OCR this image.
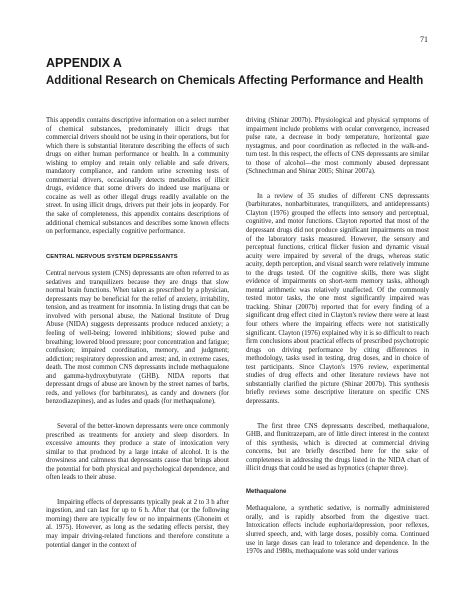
71
APPENDIX A
Additional Research on Chemicals Affecting Performance and Health

This appendix contains descriptive information on a select number of chemical substances, predominately illicit drugs that commercial drivers should not be using in their operations, but for which there is substantial literature describing the effects of such drugs on either human performance or health. In a community wishing to employ and retain only reliable and safe drivers, mandatory compliance, and random urine screening tests of commercial drivers, occasionally detects metabolites of illicit drugs, evidence that some drivers do indeed use marijuana or cocaine as well as other illegal drugs readily available on the street. In using illicit drugs, drivers put their jobs in jeopardy. For the sake of completeness, this appendix contains descriptions of additional chemical substances and describes some known effects on performance, especially cognitive performance.

CENTRAL NERVOUS SYSTEM DEPRESSANTS

Central nervous system (CNS) depressants are often referred to as sedatives and tranquilizers because they are drugs that slow normal brain functions. When taken as prescribed by a physician, depressants may be beneficial for the relief of anxiety, irritability, tension, and as treatment for insomnia. In listing drugs that can be involved with personal abuse, the National Institute of Drug Abuse (NIDA) suggests depressants produce reduced anxiety; a feeling of well-being; lowered inhibitions; slowed pulse and breathing; lowered blood pressure; poor concentration and fatigue; confusion; impaired coordination, memory, and judgment; addiction; respiratory depression and arrest; and, in extreme cases, death. The most common CNS depressants include methaqualone and gamma-hydroxybutyrate (GHB). NIDA reports that depressant drugs of abuse are known by the street names of barbs, reds, and yellows (for barbiturates), as candy and downers (for benzodiazepines), and as ludes and quads (for methaqualone).

Several of the better-known depressants were once commonly prescribed as treatments for anxiety and sleep disorders. In excessive amounts they produce a state of intoxication very similar to that produced by a large intake of alcohol. It is the drowsiness and calmness that depressants cause that brings about the potential for both physical and psychological dependence, and often leads to their abuse.

Impairing effects of depressants typically peak at 2 to 3 h after ingestion, and can last for up to 6 h. After that (or the following morning) there are typically few or no impairments (Ghoneim et al. 1975). However, as long as the sedating effects persist, they may impair driving-related functions and therefore constitute a potential danger in the context of

driving (Shinar 2007b). Physiological and physical symptoms of impairment include problems with ocular convergence, increased pulse rate, a decrease in body temperature, horizontal gaze nystagmus, and poor coordination as reflected in the walk-and-turn test. In this respect, the effects of CNS depressants are similar to those of alcohol—the most commonly abused depressant (Schnechtman and Shinar 2005; Shinar 2007a).

In a review of 35 studies of different CNS depressants (barbiturates, nonbarbiturates, tranquilizers, and antidepressants) Clayton (1976) grouped the effects into sensory and perceptual, cognitive, and motor functions. Clayton reported that most of the depressant drugs did not produce significant impairments on most of the laboratory tasks measured. However, the sensory and perceptual functions, critical flicker fusion and dynamic visual acuity were impaired by several of the drugs, whereas static acuity, depth perception, and visual search were relatively immune to the drugs tested. Of the cognitive skills, there was slight evidence of impairments on short-term memory tasks, although mental arithmetic was relatively unaffected. Of the commonly tested motor tasks, the one most significantly impaired was tracking. Shinar (2007b) reported that for every finding of a significant drug effect cited in Clayton's review there were at least four others where the impairing effects were not statistically significant. Clayton (1976) explained why it is so difficult to reach firm conclusions about practical effects of prescribed psychotropic drugs on driving performance by citing differences in methodology, tasks used in testing, drug doses, and in choice of test participants. Since Clayton's 1976 review, experimental studies of drug effects and other literature reviews have not substantially clarified the picture (Shinar 2007b). This synthesis briefly reviews some descriptive literature on specific CNS depressants.

The first three CNS depressants described, methaqualone, GHB, and flunitrazepam, are of little direct interest in the context of this synthesis, which is directed at commercial driving concerns, but are briefly described here for the sake of completeness in addressing the drugs listed in the NIDA chart of illicit drugs that could be used as hypnotics (chapter three).

Methaqualone

Methaqualone, a synthetic sedative, is normally administered orally, and is rapidly absorbed from the digestive tract. Intoxication effects include euphoria/depression, poor reflexes, slurred speech, and, with large doses, possibly coma. Continued use in large doses can lead to tolerance and dependence. In the 1970s and 1980s, methaqualone was sold under various
